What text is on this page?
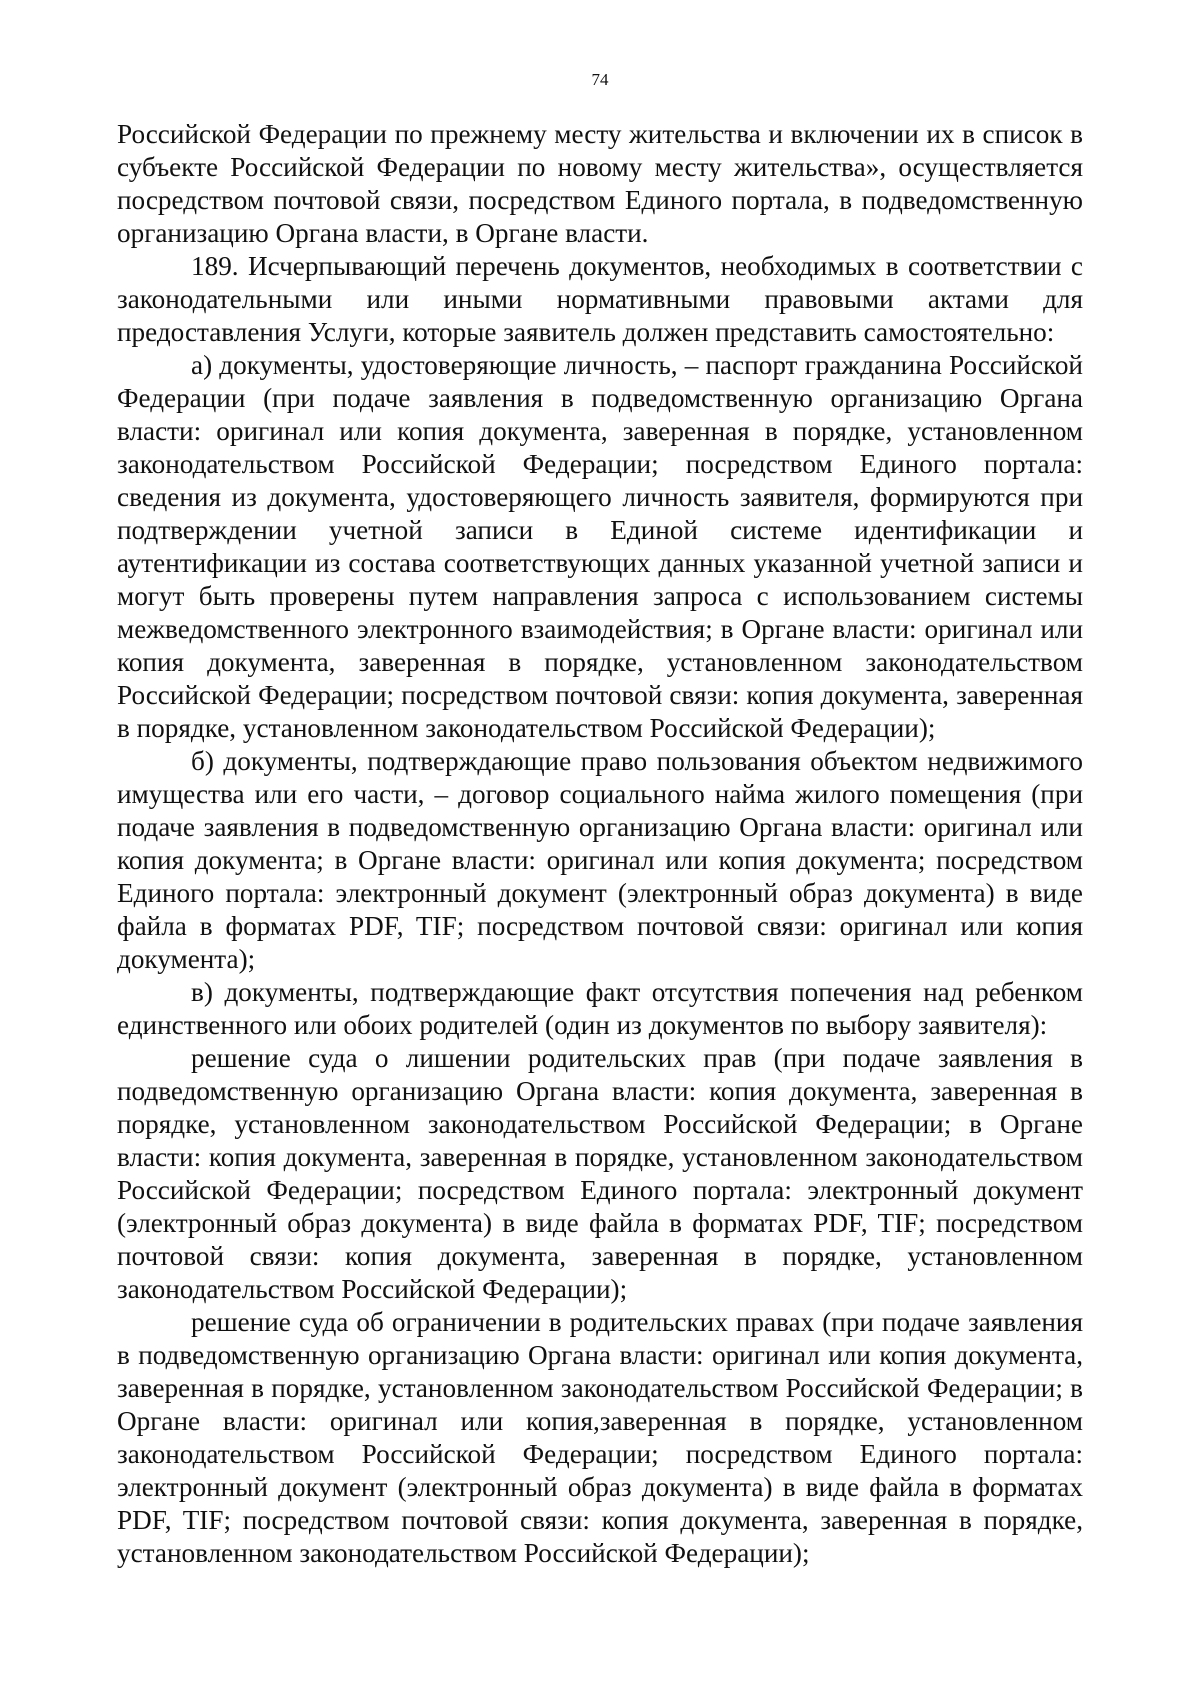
74

Российской Федерации по прежнему месту жительства и включении их в список в субъекте Российской Федерации по новому месту жительства», осуществляется посредством почтовой связи, посредством Единого портала, в подведомственную организацию Органа власти, в Органе власти.

189. Исчерпывающий перечень документов, необходимых в соответствии с законодательными или иными нормативными правовыми актами для предоставления Услуги, которые заявитель должен представить самостоятельно:

а) документы, удостоверяющие личность, – паспорт гражданина Российской Федерации (при подаче заявления в подведомственную организацию Органа власти: оригинал или копия документа, заверенная в порядке, установленном законодательством Российской Федерации; посредством Единого портала: сведения из документа, удостоверяющего личность заявителя, формируются при подтверждении учетной записи в Единой системе идентификации и аутентификации из состава соответствующих данных указанной учетной записи и могут быть проверены путем направления запроса с использованием системы межведомственного электронного взаимодействия; в Органе власти: оригинал или копия документа, заверенная в порядке, установленном законодательством Российской Федерации; посредством почтовой связи: копия документа, заверенная в порядке, установленном законодательством Российской Федерации);

б) документы, подтверждающие право пользования объектом недвижимого имущества или его части, – договор социального найма жилого помещения (при подаче заявления в подведомственную организацию Органа власти: оригинал или копия документа; в Органе власти: оригинал или копия документа; посредством Единого портала: электронный документ (электронный образ документа) в виде файла в форматах PDF, TIF; посредством почтовой связи: оригинал или копия документа);

в) документы, подтверждающие факт отсутствия попечения над ребенком единственного или обоих родителей (один из документов по выбору заявителя):

решение суда о лишении родительских прав (при подаче заявления в подведомственную организацию Органа власти: копия документа, заверенная в порядке, установленном законодательством Российской Федерации; в Органе власти: копия документа, заверенная в порядке, установленном законодательством Российской Федерации; посредством Единого портала: электронный документ (электронный образ документа) в виде файла в форматах PDF, TIF; посредством почтовой связи: копия документа, заверенная в порядке, установленном законодательством Российской Федерации);

решение суда об ограничении в родительских правах (при подаче заявления в подведомственную организацию Органа власти: оригинал или копия документа, заверенная в порядке, установленном законодательством Российской Федерации; в Органе власти: оригинал или копия,заверенная в порядке, установленном законодательством Российской Федерации; посредством Единого портала: электронный документ (электронный образ документа) в виде файла в форматах PDF, TIF; посредством почтовой связи: копия документа, заверенная в порядке, установленном законодательством Российской Федерации);
